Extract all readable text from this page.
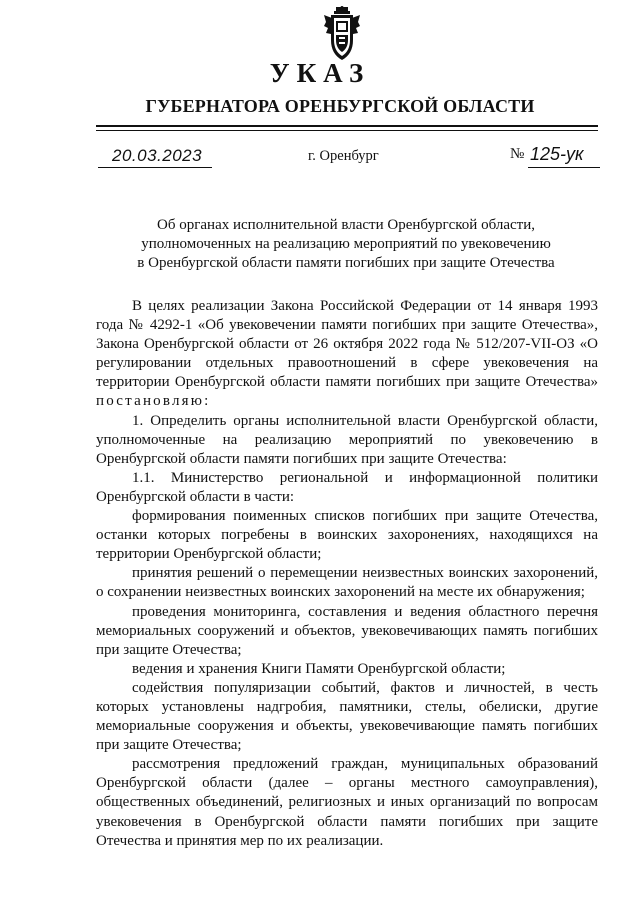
УКАЗ
ГУБЕРНАТОРА ОРЕНБУРГСКОЙ ОБЛАСТИ
20.03.2023	г. Оренбург	№ 125-ук
Об органах исполнительной власти Оренбургской области,
уполномоченных на реализацию мероприятий по увековечению
в Оренбургской области памяти погибших при защите Отечества

В целях реализации Закона Российской Федерации от 14 января 1993 года № 4292-1 «Об увековечении памяти погибших при защите Отечества», Закона Оренбургской области от 26 октября 2022 года № 512/207-VII-ОЗ «О регулировании отдельных правоотношений в сфере увековечения на территории Оренбургской области памяти погибших при защите Отечества» постановляю:

1. Определить органы исполнительной власти Оренбургской области, уполномоченные на реализацию мероприятий по увековечению в Оренбургской области памяти погибших при защите Отечества:

1.1. Министерство региональной и информационной политики Оренбургской области в части:

формирования поименных списков погибших при защите Отечества, останки которых погребены в воинских захоронениях, находящихся на территории Оренбургской области;

принятия решений о перемещении неизвестных воинских захоронений, о сохранении неизвестных воинских захоронений на месте их обнаружения;

проведения мониторинга, составления и ведения областного перечня мемориальных сооружений и объектов, увековечивающих память погибших при защите Отечества;

ведения и хранения Книги Памяти Оренбургской области;

содействия популяризации событий, фактов и личностей, в честь которых установлены надгробия, памятники, стелы, обелиски, другие мемориальные сооружения и объекты, увековечивающие память погибших при защите Отечества;

рассмотрения предложений граждан, муниципальных образований Оренбургской области (далее – органы местного самоуправления), общественных объединений, религиозных и иных организаций по вопросам увековечения в Оренбургской области памяти погибших при защите Отечества и принятия мер по их реализации.
